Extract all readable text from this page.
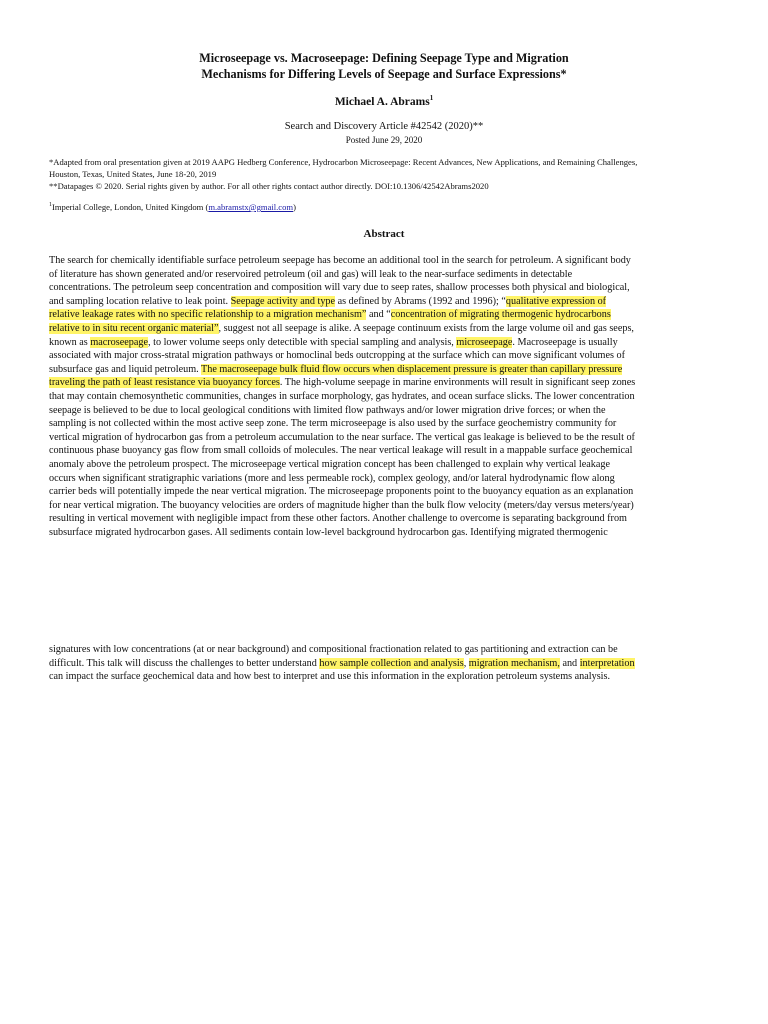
Microseepage vs. Macroseepage: Defining Seepage Type and Migration
Mechanisms for Differing Levels of Seepage and Surface Expressions*
Michael A. Abrams$^1$
Search and Discovery Article #42542 (2020)**
Posted June 29, 2020
*Adapted from oral presentation given at 2019 AAPG Hedberg Conference, Hydrocarbon Microseepage: Recent Advances, New Applications, and Remaining Challenges,
Houston, Texas, United States, June 18-20, 2019
**Datapages © 2020. Serial rights given by author. For all other rights contact author directly. DOI:10.1306/42542Abrams2020
$^1$Imperial College, London, United Kingdom (m.abramstx@gmail.com)
Abstract
The search for chemically identifiable surface petroleum seepage has become an additional tool in the search for petroleum. A significant body
of literature has shown generated and/or reservoired petroleum (oil and gas) will leak to the near-surface sediments in detectable
concentrations. The petroleum seep concentration and composition will vary due to seep rates, shallow processes both physical and biological,
and sampling location relative to leak point. Seepage activity and type as defined by Abrams (1992 and 1996); “qualitative expression of
relative leakage rates with no specific relationship to a migration mechanism” and “concentration of migrating thermogenic hydrocarbons
relative to in situ recent organic material”, suggest not all seepage is alike. A seepage continuum exists from the large volume oil and gas seeps,
known as macroseepage, to lower volume seeps only detectible with special sampling and analysis, microseepage. Macroseepage is usually
associated with major cross-stratal migration pathways or homoclinal beds outcropping at the surface which can move significant volumes of
subsurface gas and liquid petroleum. The macroseepage bulk fluid flow occurs when displacement pressure is greater than capillary pressure
traveling the path of least resistance via buoyancy forces. The high-volume seepage in marine environments will result in significant seep zones
that may contain chemosynthetic communities, changes in surface morphology, gas hydrates, and ocean surface slicks. The lower concentration
seepage is believed to be due to local geological conditions with limited flow pathways and/or lower migration drive forces; or when the
sampling is not collected within the most active seep zone. The term microseepage is also used by the surface geochemistry community for
vertical migration of hydrocarbon gas from a petroleum accumulation to the near surface. The vertical gas leakage is believed to be the result of
continuous phase buoyancy gas flow from small colloids of molecules. The near vertical leakage will result in a mappable surface geochemical
anomaly above the petroleum prospect. The microseepage vertical migration concept has been challenged to explain why vertical leakage
occurs when significant stratigraphic variations (more and less permeable rock), complex geology, and/or lateral hydrodynamic flow along
carrier beds will potentially impede the near vertical migration. The microseepage proponents point to the buoyancy equation as an explanation
for near vertical migration. The buoyancy velocities are orders of magnitude higher than the bulk flow velocity (meters/day versus meters/year)
resulting in vertical movement with negligible impact from these other factors. Another challenge to overcome is separating background from
subsurface migrated hydrocarbon gases. All sediments contain low-level background hydrocarbon gas. Identifying migrated thermogenic
signatures with low concentrations (at or near background) and compositional fractionation related to gas partitioning and extraction can be
difficult. This talk will discuss the challenges to better understand how sample collection and analysis, migration mechanism, and interpretation
can impact the surface geochemical data and how best to interpret and use this information in the exploration petroleum systems analysis.
